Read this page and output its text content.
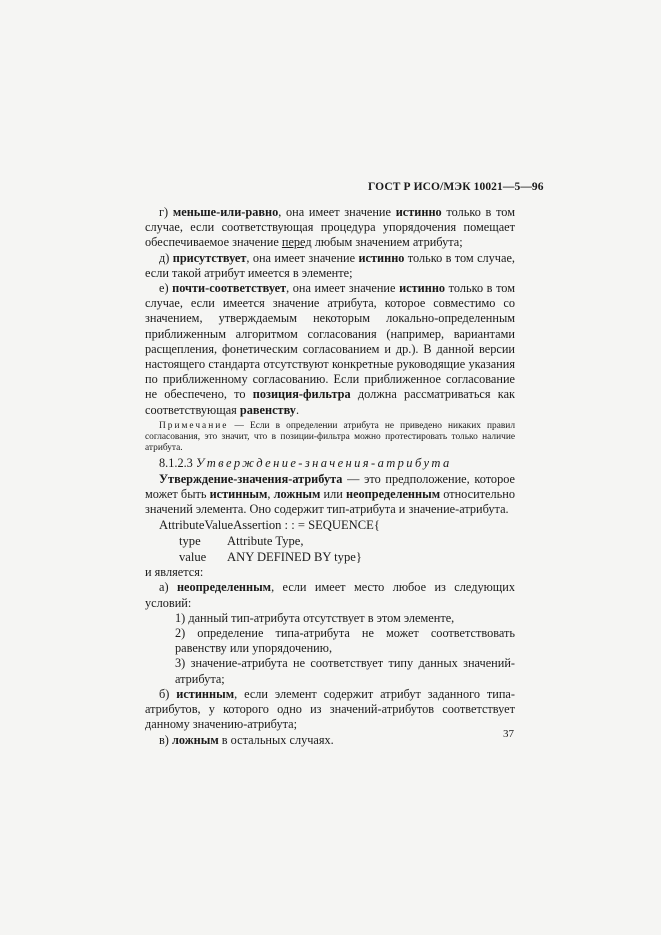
ГОСТ Р ИСО/МЭК 10021—5—96

г) меньше-или-равно, она имеет значение истинно только в том случае, если соответствующая процедура упорядочения помещает обеспечиваемое значение перед любым значением атрибута;

д) присутствует, она имеет значение истинно только в том случае, если такой атрибут имеется в элементе;

е) почти-соответствует, она имеет значение истинно только в том случае, если имеется значение атрибута, которое совместимо со значением, утверждаемым некоторым локально-определенным приближенным алгоритмом согласования (например, вариантами расщепления, фонетическим согласованием и др.). В данной версии настоящего стандарта отсутствуют конкретные руководящие указания по приближенному согласованию. Если приближенное согласование не обеспечено, то позиция-фильтра должна рассматриваться как соответствующая равенству.

Примечание — Если в определении атрибута не приведено никаких правил согласования, это значит, что в позиции-фильтра можно протестировать только наличие атрибута.

8.1.2.3 Утверждение-значения-атрибута

Утверждение-значения-атрибута — это предположение, которое может быть истинным, ложным или неопределенным относительно значений элемента. Оно содержит тип-атрибута и значение-атрибута.

AttributeValueAssertion : : = SEQUENCE{
type Attribute Type,
value ANY DEFINED BY type}

и является:

а) неопределенным, если имеет место любое из следующих условий:

1) данный тип-атрибута отсутствует в этом элементе,

2) определение типа-атрибута не может соответствовать равенству или упорядочению,

3) значение-атрибута не соответствует типу данных значений-атрибута;

б) истинным, если элемент содержит атрибут заданного типа-атрибутов, у которого одно из значений-атрибутов соответствует данному значению-атрибута;

в) ложным в остальных случаях.	37
